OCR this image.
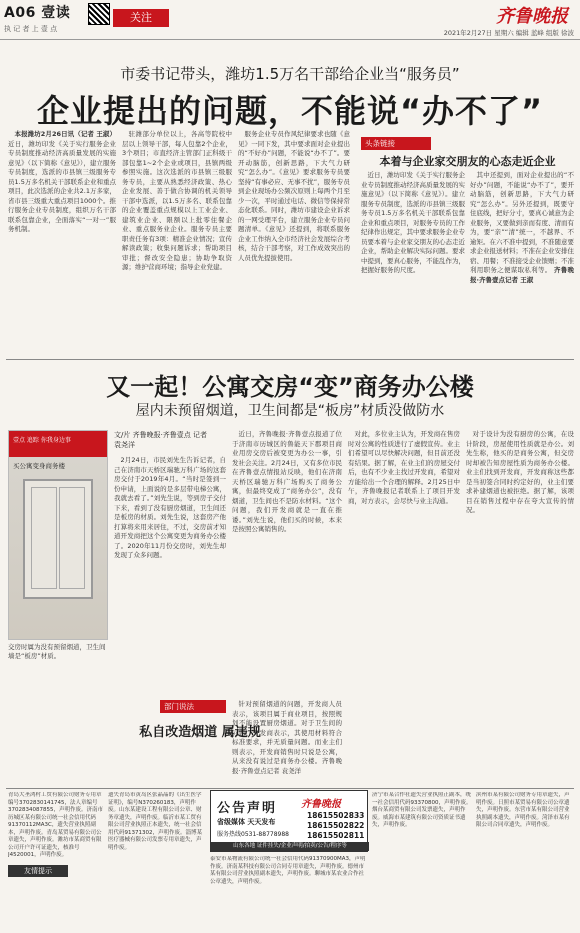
A06 壹读
执 记 者 上 壹 点
关注	齐鲁晚报
2021年2月27日 星期六 编辑 蓝峰 组版 徐波
市委书记带头，潍坊1.5万名干部给企业当“服务员”
企业提出的问题，不能说“办不了”

本报潍坊2月26日讯（记者 王淑）近日，潍坊印发《关于实行服务企业专员制度推动经济高质量发展的实施意见》（以下简称《意见》），建立服务专员制度，选派的市县镇三级服务专员1.5万多名机关干部联系企业和重点项目，此次选派的企业共2.1万多家，省市县三级重大重点项目1000个。推行服务企业专员制度，组织万名干部联系包靠企业，全面落实“一对一”服务机制。

驻潍部分单位以上，各高等院校中层以上领导干部，每人包靠2个企业，3个项目；市直经济主管部门正科级干部包靠1~2个企业或项目，县镇两级参照实施。这次选派的市县镇三级服务专员，主要从熟悉经济政策、热心企业发展、善于做合协调的机关领导干部中选派，以1.5万多名、联系包靠的企业覆盖重点规模以上工业企业、建筑业企业、限额以上批零住餐企业、重点服务业企业。服务专员主要职责任务有3项：精准企业情况；宣传解读政策；收集问题诉求；帮助项目审批；督改安全隐患；协助争取资源；维护营商环境；指导企业党建。

服务企业专员作风纪律要求也随《意见》一同下发，其中要求面对企业提出的“不好办”问题，不能说“办不了”。要开动脑筋，创新思路，下大气力研究“怎么办”。《意见》要求服务专员要坚持“有事必应、无事不扰”，服务专员到企业现场办公频次原则上每两个月至少一次，平时通过电话、微信等保持常态化联系。同时，潍坊市建设企业诉求的一网受理平台，建立服务企业专员问题清单。《意见》还提到，将联系服务企业工作纳入全市经济社会发展综合考核，结合干部考察，对工作成效突出的人员优先提拔使用。

头条链接
本着与企业家交朋友的心态走近企业

近日，潍坊印发《关于实行服务企业专员制度推动经济高质量发展的实施意见》（以下简称《意见》）。建立服务专员制度，选派的市县镇三级服务专员1.5万多名机关干部联系包靠企业和重点项目，对服务专员的工作纪律作出规定，其中要求服务企业专员要本着与企业家交朋友的心态走近企业，帮助企业解决实际问题。要求中提到，要真心服务，不能乱作为，把握好服务的尺度。

其中还提到，面对企业提出的“不好办”问题，不能说“办不了”，要开动脑筋，创新思路，下大气力研究“怎么办”。另外还提到，既要守住底线，把好分寸，要真心诚意为企业服务，又要做到亲而有度、清而有为，要“亲”“清”统一，不越界、不逾矩。在六不准中提到，不准随意要求企业报送材料；不准在企业安排住宿、用餐；不准接受企业馈赠；不准利用职务之便谋取私利等。 齐鲁晚报·齐鲁壹点记者 王淑

又一起！公寓交房“变”商务办公楼
屋内未预留烟道，卫生间都是“板房”材质没做防水
壹点 追踪 你我身边事
买公寓变身商务楼
交房时属为没有预留烟道，卫生间墙是“板房”材质。
文/片 齐鲁晚报·齐鲁壹点 记者 袁尧洋

2月24日，市民刘先生告诉记者，自己在济南市天桥区瑞驰万科广场的这套房交付于2019年4月。“当时是签到一份申请，上面说的是多层带电梯公寓，我就去看了。”刘先生说，等到房子交付下来，看到了没有厨房烟道，卫生间还是板房的材质。刘先生说，这套房产他打算将来用来居住，不过，交房前才知道开发商把这个公寓变更为商务办公楼了。2020年11月份交房时，刘先生却发现了众多问题。

近日，齐鲁晚报·齐鲁壹点报道了位于济南市历城区的鲁能天下郡项目商业用房交房后被变更为办公一事，引发社会关注。2月24日，又有多位市民在齐鲁壹点情报站反映，他们在济南天桥区瑞驰万科广场购买了商务公寓，但最终变成了“商务办公”，没有烟道，卫生间也不是防水材料。“这个问题，我们开发商就是一直在推诿。”刘先生说，他们买的时候，本来是按照公寓销售的。

对此，多位业主认为，开发商在售房时对公寓的性质进行了虚假宣传。业主们希望可以尽快解决问题，但目前还没有结果。据了解，在业主们的房屋交付后，也有不少业主找过开发商，希望对方能给出一个合理的解释。2月25日中午，齐鲁晚报记者联系上了项目开发商，对方表示，会尽快与业主沟通。

对于设计为没有厨房的公寓，在设计阶段，房屋使用性质就是办公。刘先生称，他买的是商务公寓，但交房时却被告知房屋性质为商务办公楼。业主们找到开发商，开发商称这些都是当初签合同时约定好的，业主们要求补建烟道也被拒绝。据了解，该项目在销售过程中存在夸大宣传的情况。

针对预留烟道的问题，开发商人员表示，该项目属于商业项目，按照规划不能设置厨房烟道。对于卫生间的问题，开发商表示，其使用材料符合标准要求，并无质量问题。而业主们则表示，开发商销售时只说是公寓，从来没有说过是商务办公楼。齐鲁晚报·齐鲁壹点记者 袁尧洋

部门说法
私自改造烟道 属违规
青岛大圣鸿村工贸有限公司财务专用章编号3702830141745，法人章编号3702834087855，声明作废。济南市历城区某有限公司统一社会信用代码91370112MA3C，遗失营业执照副本，声明作废。青岛某贸易有限公司公章遗失，声明作废。潍坊市某商贸有限公司开户许可证遗失，核准号J4520001，声明作废。
遗失青岛市黄岛区张晶晶的《出生医学证明》，编号N370260183，声明作废。山东某建设工程有限公司公章、财务章遗失，声明作废。临沂市某工贸有限公司营业执照正本遗失，统一社会信用代码91371302，声明作废。淄博某医疗器械有限公司发票专用章遗失，声明作废。
公告声明 齐鲁晚报
省级媒体 天天发布
服务热线0531-88778988
18615502833
18615502822
18615502811
山东各地 证件挂失/企业声明/拍卖/公告/程序等
泰安市某物流有限公司统一社会信用代码91370900MA3，声明作废。济南某科技有限公司合同专用章遗失，声明作废。德州市某有限公司营业执照副本遗失，声明作废。聊城市某农业合作社公章遗失，声明作废。
济宁市某合作社遗失营业执照正副本，统一社会信用代码93370800，声明作废。烟台某商贸有限公司发票遗失，声明作废。威海市某建筑有限公司资质证书遗失，声明作废。
滨州市某有限公司财务专用章遗失，声明作废。日照市某贸易有限公司公章遗失，声明作废。东营市某有限公司营业执照副本遗失，声明作废。菏泽市某有限公司合同章遗失，声明作废。
友情提示
